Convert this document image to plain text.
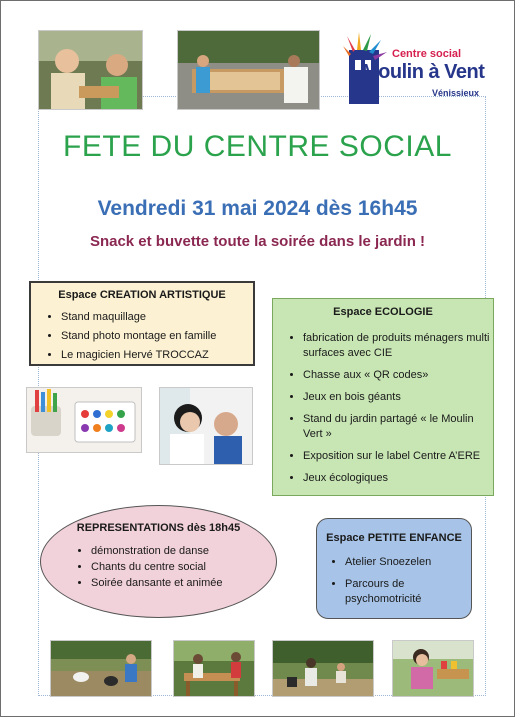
Centre social
Moulin à Vent
Vénissieux
FETE DU CENTRE SOCIAL
Vendredi 31 mai 2024 dès 16h45
Snack et buvette toute la soirée dans le jardin !
Espace CREATION ARTISTIQUE
• Stand maquillage
• Stand photo montage en famille
• Le magicien Hervé TROCCAZ
Espace ECOLOGIE
• fabrication de produits ménagers multi surfaces avec CIE
• Chasse aux « QR codes»
• Jeux en bois géants
• Stand du jardin partagé « le Moulin Vert »
• Exposition sur le label Centre A’ERE
• Jeux écologiques
REPRESENTATIONS dès 18h45
• démonstration de danse
• Chants du centre social
• Soirée dansante et animée
Espace PETITE ENFANCE
• Atelier Snoezelen
• Parcours de psychomotricité
